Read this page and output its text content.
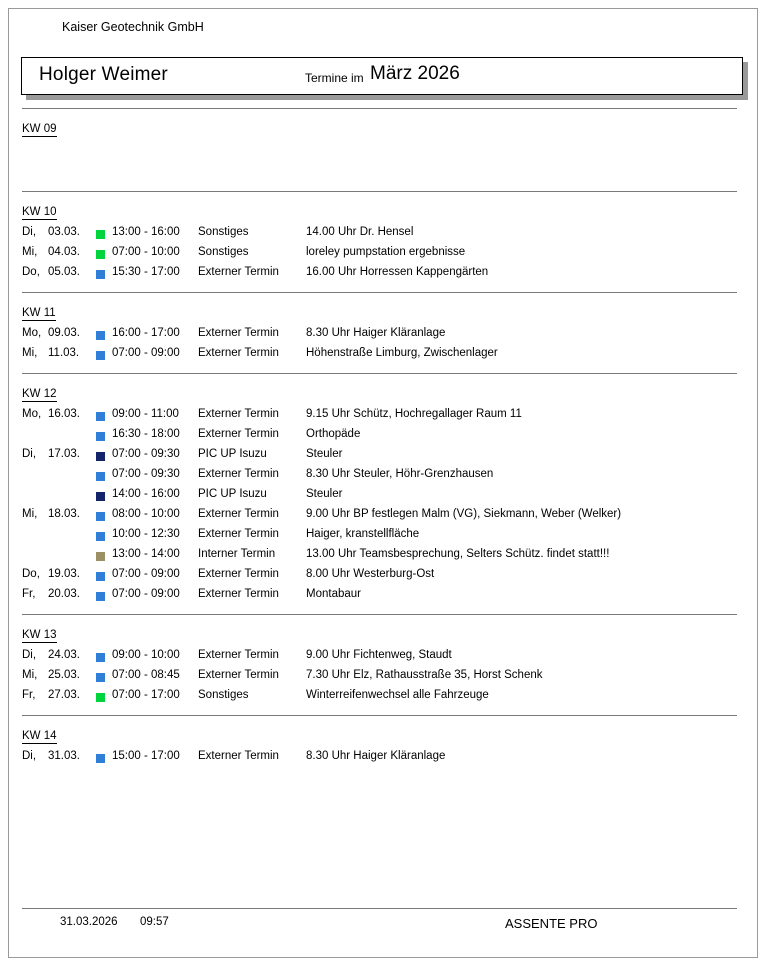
Kaiser Geotechnik GmbH
Holger Weimer	Termine im März 2026
KW 09
KW 10
Di,	03.03.	13:00 - 16:00	Sonstiges	14.00 Uhr Dr. Hensel
Mi, 04.03.	07:00 - 10:00	Sonstiges	loreley pumpstation ergebnisse
Do, 05.03.	15:30 - 17:00	Externer Termin	16.00 Uhr Horressen Kappengärten
KW 11
Mo, 09.03.	16:00 - 17:00	Externer Termin	8.30 Uhr Haiger Kläranlage
Mi, 11.03.	07:00 - 09:00	Externer Termin	Höhenstraße Limburg, Zwischenlager
KW 12
Mo, 16.03.	09:00 - 11:00	Externer Termin	9.15 Uhr Schütz, Hochregallager Raum 11
16:30 - 18:00	Externer Termin	Orthopäde
Di,	17.03.	07:00 - 09:30	PIC UP Isuzu	Steuler
07:00 - 09:30	Externer Termin	8.30 Uhr Steuler, Höhr-Grenzhausen
14:00 - 16:00	PIC UP Isuzu	Steuler
Mi, 18.03.	08:00 - 10:00	Externer Termin	9.00 Uhr BP festlegen Malm (VG), Siekmann, Weber (Welker)
10:00 - 12:30	Externer Termin	Haiger, kranstellfläche
13:00 - 14:00	Interner Termin	13.00 Uhr Teamsbesprechung, Selters Schütz. findet statt!!!
Do, 19.03.	07:00 - 09:00	Externer Termin	8.00 Uhr Westerburg-Ost
Fr,	20.03.	07:00 - 09:00	Externer Termin	Montabaur
KW 13
Di,	24.03.	09:00 - 10:00	Externer Termin	9.00 Uhr Fichtenweg, Staudt
Mi, 25.03.	07:00 - 08:45	Externer Termin	7.30 Uhr Elz, Rathausstraße 35, Horst Schenk
Fr,	27.03.	07:00 - 17:00	Sonstiges	Winterreifenwechsel alle Fahrzeuge
KW 14
Di,	31.03.	15:00 - 17:00	Externer Termin	8.30 Uhr Haiger Kläranlage
31.03.2026 09:57	ASSENTE PRO
